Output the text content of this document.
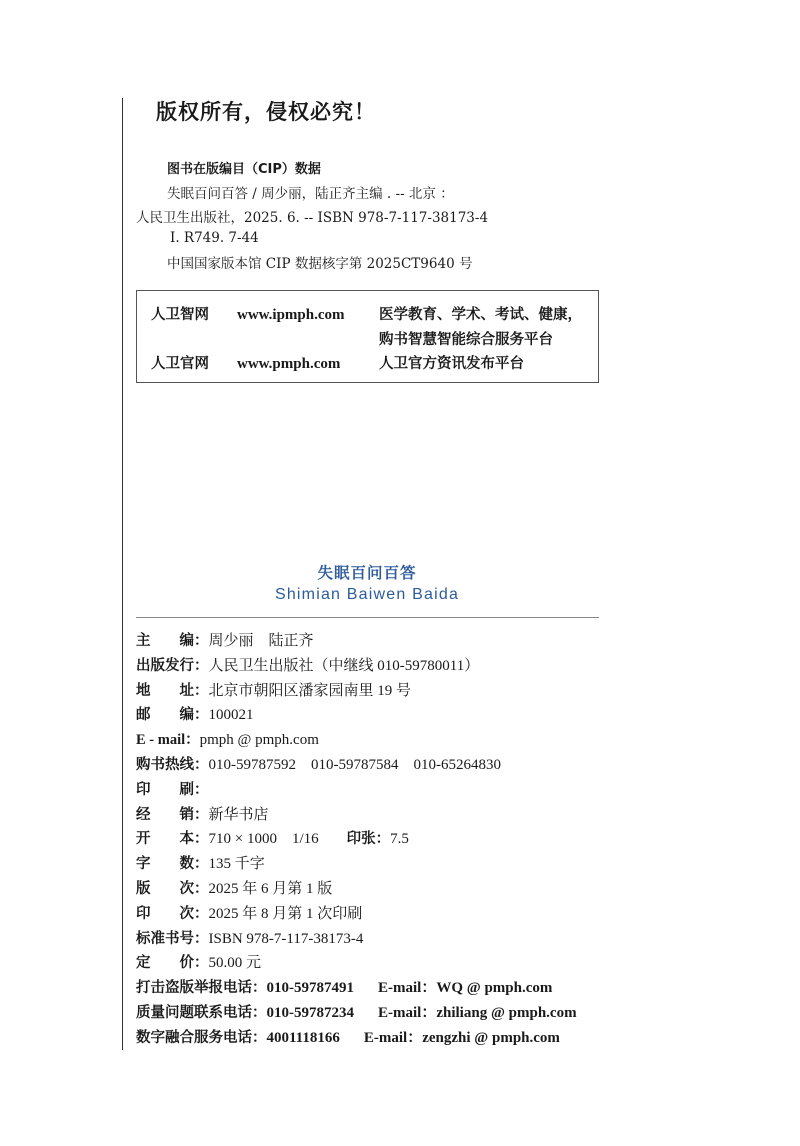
版权所有，侵权必究！
图书在版编目（CIP）数据
失眠百问百答 / 周少丽，陆正齐主编 . -- 北京 ：
人民卫生出版社，2025. 6. -- ISBN 978-7-117-38173-4
Ⅰ. R749. 7-44
中国国家版本馆 CIP 数据核字第 2025CT9640 号
人卫智网 www.ipmph.com 医学教育、学术、考试、健康，
购书智慧智能综合服务平台
人卫官网 www.pmph.com	人卫官方资讯发布平台
失眠百问百答
Shimian Baiwen Baida
主　　编：周少丽　陆正齐
出版发行：人民卫生出版社（中继线 010-59780011）
地　　址：北京市朝阳区潘家园南里 19 号
邮　　编：100021
E - mail：pmph @ pmph.com
购书热线：010-59787592　010-59787584　010-65264830
印　　刷：
经　　销：新华书店
开　　本：710 × 1000　1/16 印张：7.5
字　　数：135 千字
版　　次：2025 年 6 月第 1 版
印　　次：2025 年 8 月第 1 次印刷
标准书号：ISBN 978-7-117-38173-4
定　　价：50.00 元
打击盗版举报电话：010-59787491 E-mail：WQ @ pmph.com
质量问题联系电话：010-59787234 E-mail：zhiliang @ pmph.com
数字融合服务电话：4001118166 E-mail：zengzhi @ pmph.com
